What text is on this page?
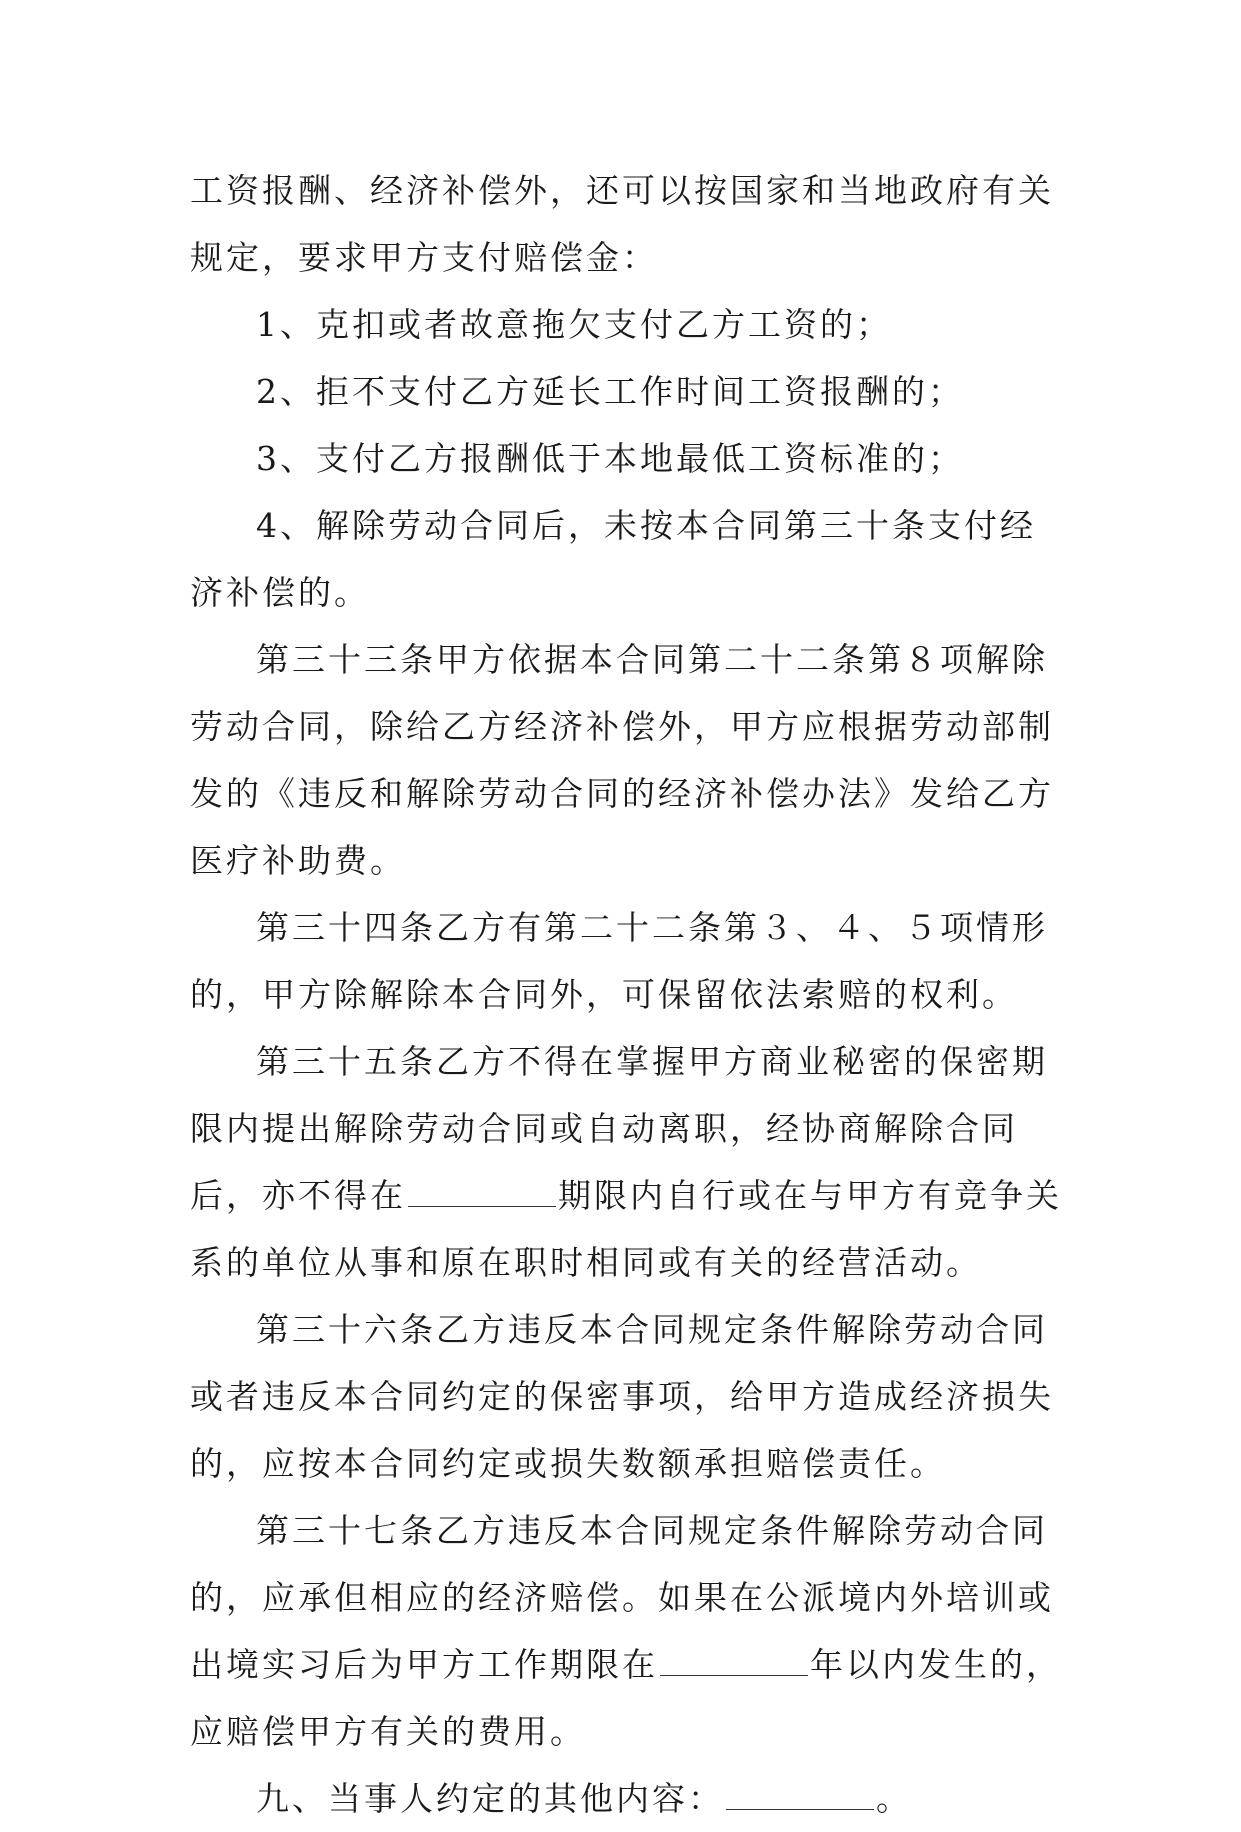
工资报酬、经济补偿外，还可以按国家和当地政府有关规定，要求甲方支付赔偿金：

1、克扣或者故意拖欠支付乙方工资的；

2、拒不支付乙方延长工作时间工资报酬的；

3、支付乙方报酬低于本地最低工资标准的；

4、解除劳动合同后，未按本合同第三十条支付经济补偿的。

第三十三条甲方依据本合同第二十二条第８项解除劳动合同，除给乙方经济补偿外，甲方应根据劳动部制发的《违反和解除劳动合同的经济补偿办法》发给乙方医疗补助费。

第三十四条乙方有第二十二条第３、４、５项情形的，甲方除解除本合同外，可保留依法索赔的权利。

第三十五条乙方不得在掌握甲方商业秘密的保密期限内提出解除劳动合同或自动离职，经协商解除合同后，亦不得在	期限内自行或在与甲方有竞争关系的单位从事和原在职时相同或有关的经营活动。

第三十六条乙方违反本合同规定条件解除劳动合同或者违反本合同约定的保密事项，给甲方造成经济损失的，应按本合同约定或损失数额承担赔偿责任。

第三十七条乙方违反本合同规定条件解除劳动合同的，应承但相应的经济赔偿。如果在公派境内外培训或出境实习后为甲方工作期限在	年以内发生的，应赔偿甲方有关的费用。

九、当事人约定的其他内容：	。
